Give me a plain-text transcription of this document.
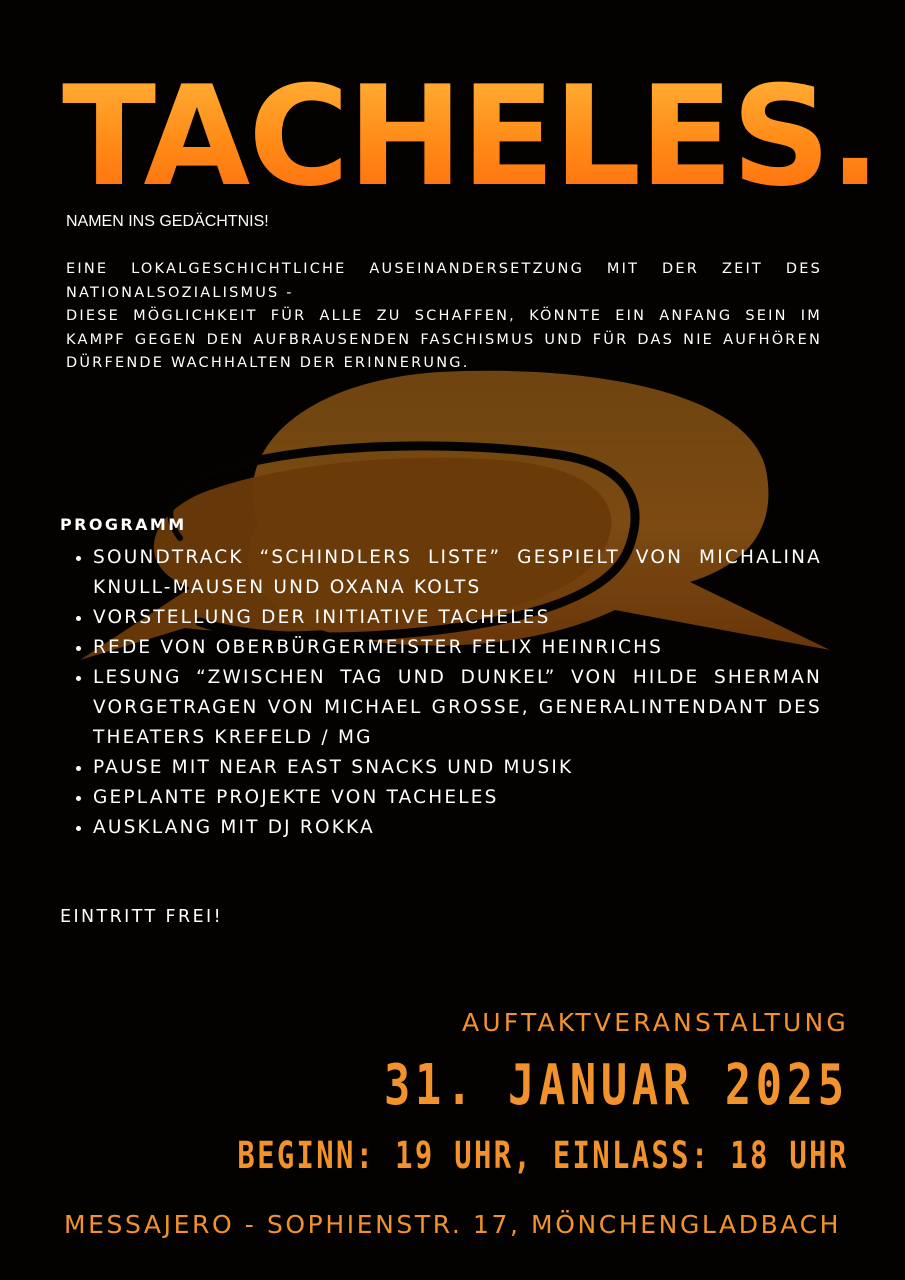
TACHELES.
NAMEN INS GEDÄCHTNIS!

EINE LOKALGESCHICHTLICHE AUSEINANDERSETZUNG MIT DER ZEIT DES NATIONALSOZIALISMUS -

DIESE MÖGLICHKEIT FÜR ALLE ZU SCHAFFEN, KÖNNTE EIN ANFANG SEIN IM KAMPF GEGEN DEN AUFBRAUSENDEN FASCHISMUS UND FÜR DAS NIE AUFHÖREN DÜRFENDE WACHHALTEN DER ERINNERUNG.

PROGRAMM
SOUNDTRACK “SCHINDLERS LISTE” GESPIELT VON MICHALINA KNULL-MAUSEN UND OXANA KOLTS
VORSTELLUNG DER INITIATIVE TACHELES
REDE VON OBERBÜRGERMEISTER FELIX HEINRICHS
LESUNG “ZWISCHEN TAG UND DUNKEL” VON HILDE SHERMAN VORGETRAGEN VON MICHAEL GROSSE, GENERALINTENDANT DES THEATERS KREFELD / MG
PAUSE MIT NEAR EAST SNACKS UND MUSIK
GEPLANTE PROJEKTE VON TACHELES
AUSKLANG MIT DJ ROKKA
EINTRITT FREI!
AUFTAKTVERANSTALTUNG
31. JANUAR 2025
BEGINN: 19 UHR, EINLASS: 18 UHR
MESSAJERO - SOPHIENSTR. 17, MÖNCHENGLADBACH
